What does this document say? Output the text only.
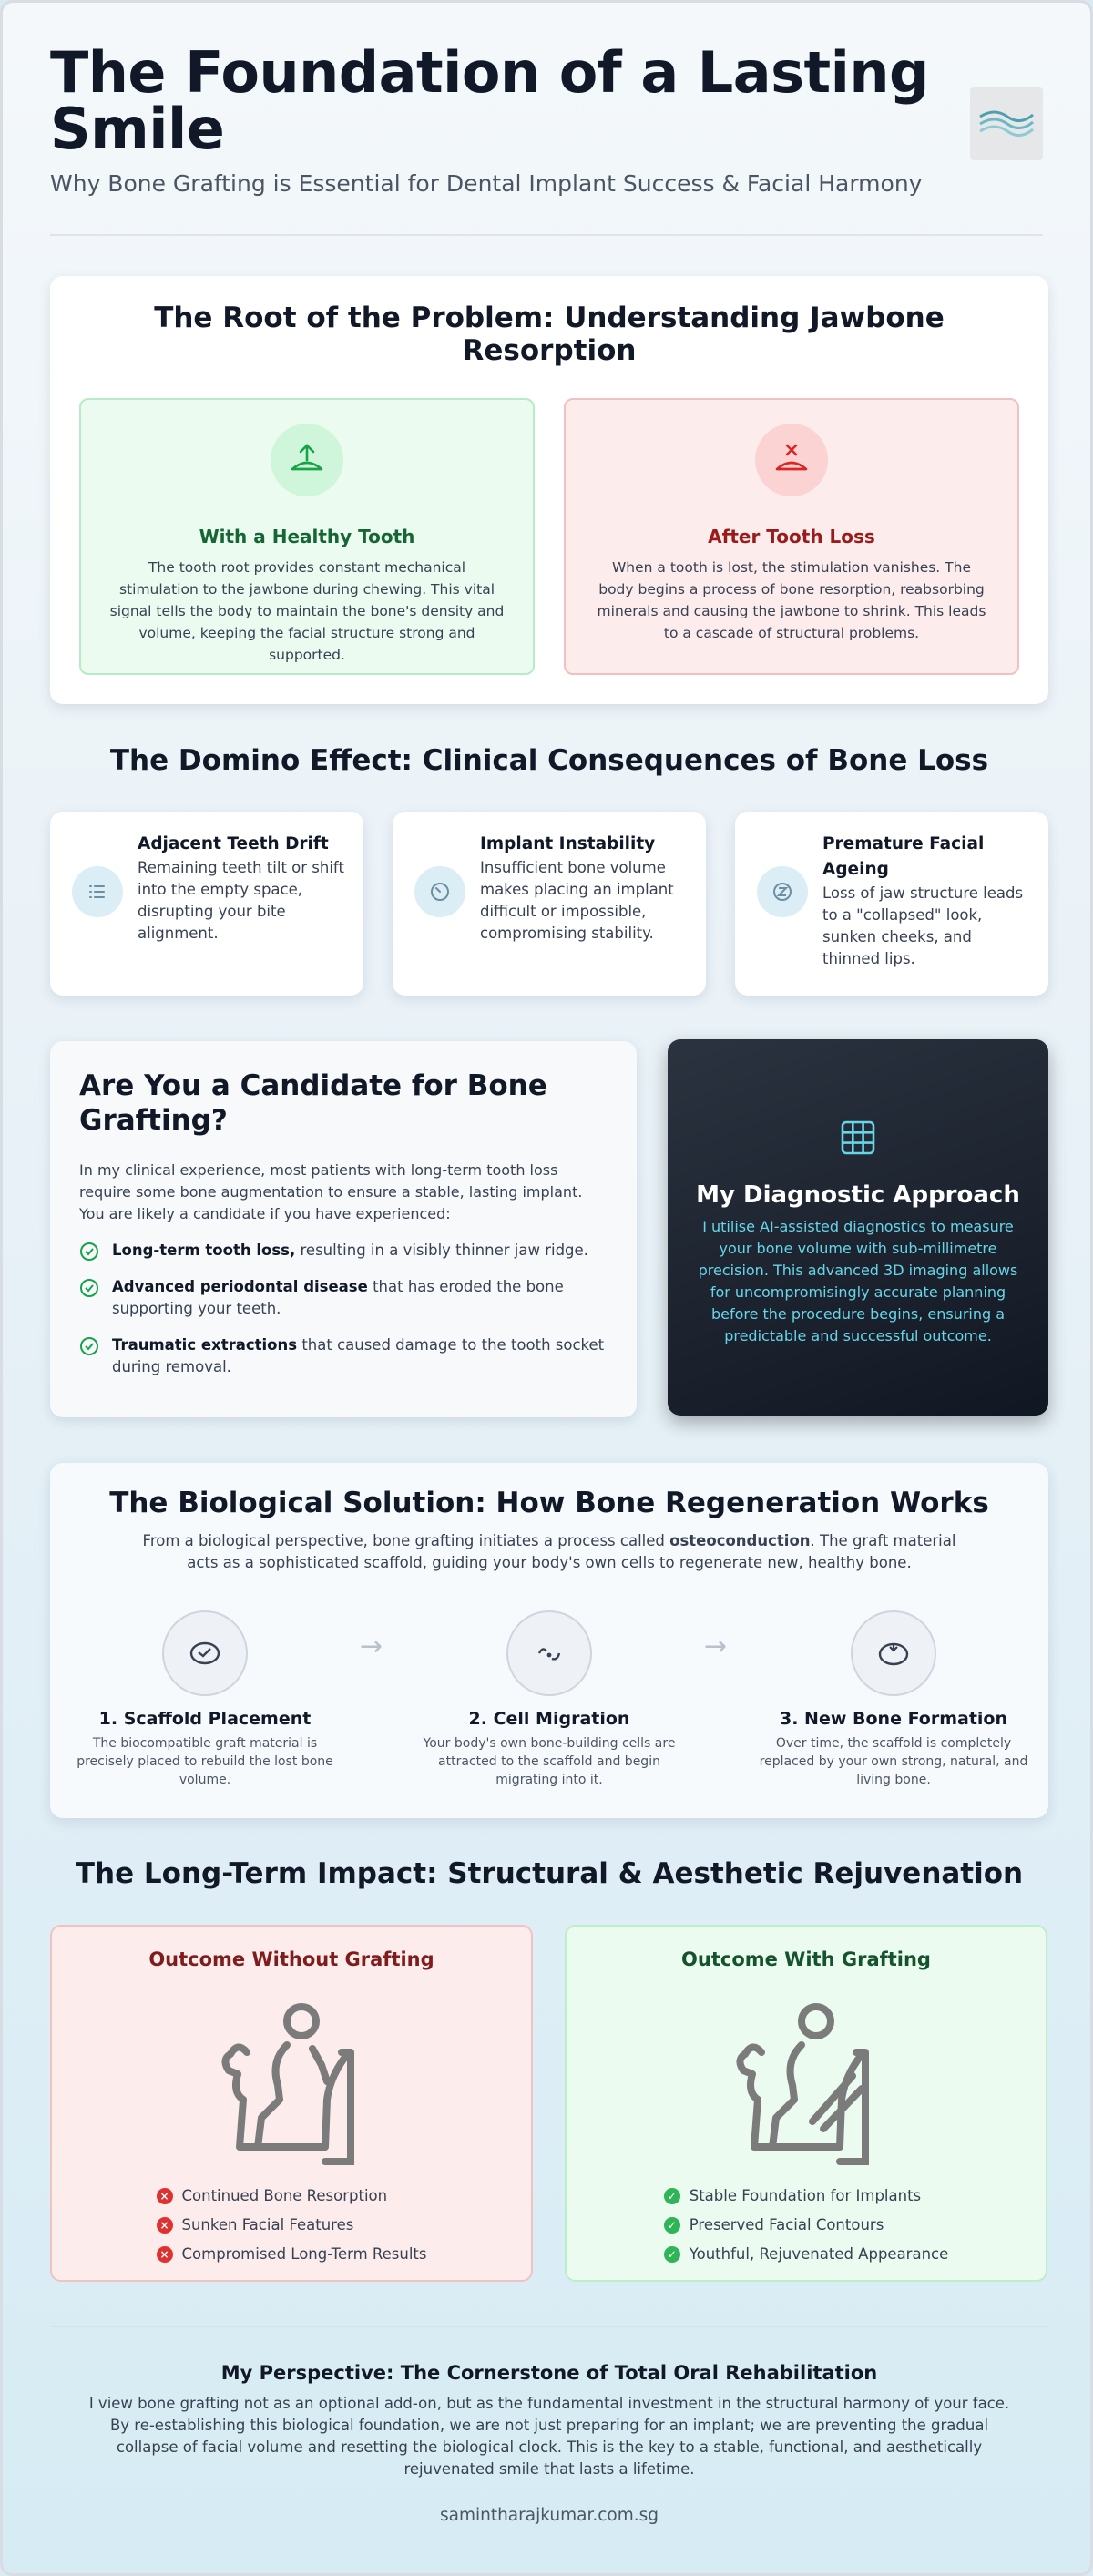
The Foundation of a Lasting Smile
Why Bone Grafting is Essential for Dental Implant Success & Facial Harmony
The Root of the Problem: Understanding Jawbone Resorption
With a Healthy Tooth

The tooth root provides constant mechanical stimulation to the jawbone during chewing. This vital signal tells the body to maintain the bone's density and volume, keeping the facial structure strong and supported.

After Tooth Loss

When a tooth is lost, the stimulation vanishes. The body begins a process of bone resorption, reabsorbing minerals and causing the jawbone to shrink. This leads to a cascade of structural problems.

The Domino Effect: Clinical Consequences of Bone Loss
Adjacent Teeth Drift

Remaining teeth tilt or shift into the empty space, disrupting your bite alignment.

Implant Instability

Insufficient bone volume makes placing an implant difficult or impossible, compromising stability.

Premature Facial Ageing

Loss of jaw structure leads to a "collapsed" look, sunken cheeks, and thinned lips.

Are You a Candidate for Bone Grafting?
In my clinical experience, most patients with long-term tooth loss require some bone augmentation to ensure a stable, lasting implant. You are likely a candidate if you have experienced:
Long-term tooth loss, resulting in a visibly thinner jaw ridge.
Advanced periodontal disease that has eroded the bone supporting your teeth.
Traumatic extractions that caused damage to the tooth socket during removal.
My Diagnostic Approach

I utilise AI-assisted diagnostics to measure your bone volume with sub-millimetre precision. This advanced 3D imaging allows for uncompromisingly accurate planning before the procedure begins, ensuring a predictable and successful outcome.

The Biological Solution: How Bone Regeneration Works
From a biological perspective, bone grafting initiates a process called osteoconduction. The graft material acts as a sophisticated scaffold, guiding your body's own cells to regenerate new, healthy bone.
1. Scaffold Placement

The biocompatible graft material is precisely placed to rebuild the lost bone volume.

→
2. Cell Migration

Your body's own bone-building cells are attracted to the scaffold and begin migrating into it.

→
3. New Bone Formation

Over time, the scaffold is completely replaced by your own strong, natural, and living bone.

The Long-Term Impact: Structural & Aesthetic Rejuvenation
Outcome Without Grafting
× Continued Bone Resorption
× Sunken Facial Features
× Compromised Long-Term Results
Outcome With Grafting
✓ Stable Foundation for Implants
✓ Preserved Facial Contours
✓ Youthful, Rejuvenated Appearance
My Perspective: The Cornerstone of Total Oral Rehabilitation

I view bone grafting not as an optional add-on, but as the fundamental investment in the structural harmony of your face. By re-establishing this biological foundation, we are not just preparing for an implant; we are preventing the gradual collapse of facial volume and resetting the biological clock. This is the key to a stable, functional, and aesthetically rejuvenated smile that lasts a lifetime.

samintharajkumar.com.sg
